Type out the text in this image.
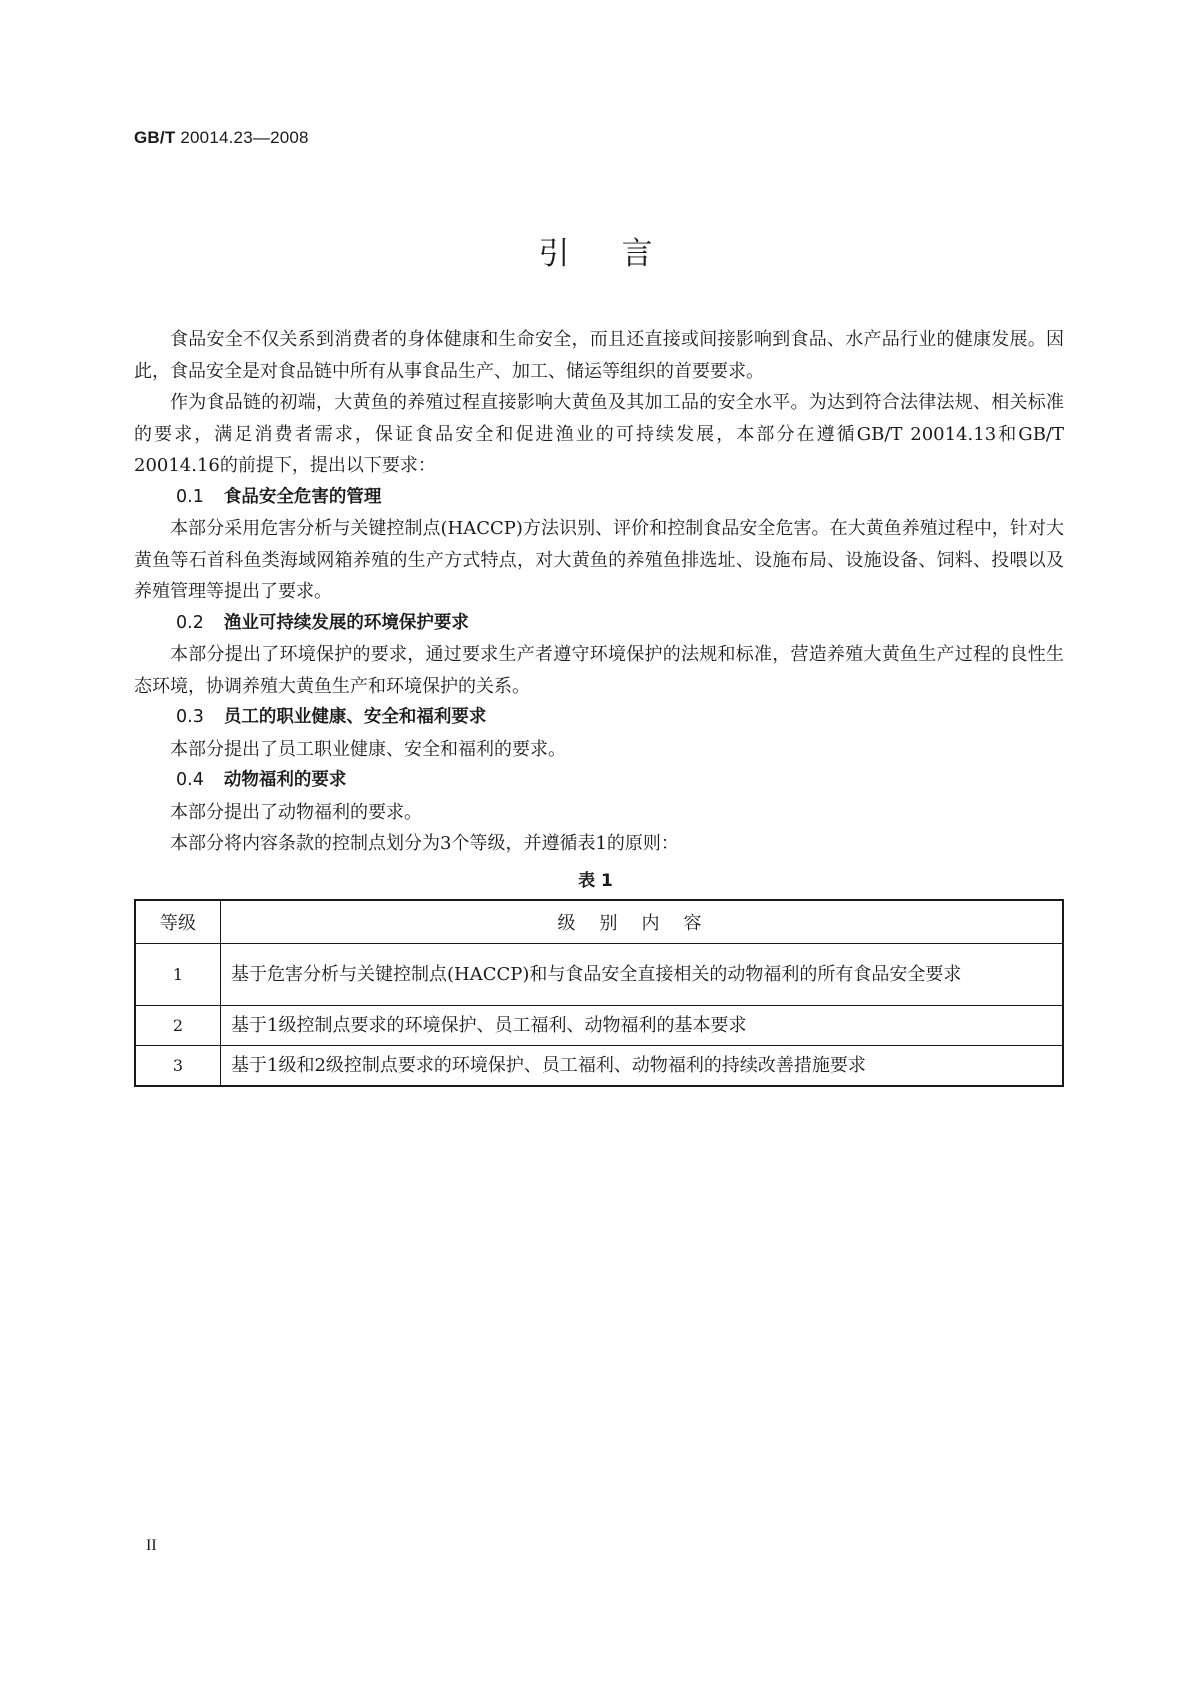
GB/T 20014.23—2008
引言

食品安全不仅关系到消费者的身体健康和生命安全，而且还直接或间接影响到食品、水产品行业的健康发展。因此，食品安全是对食品链中所有从事食品生产、加工、储运等组织的首要要求。

作为食品链的初端，大黄鱼的养殖过程直接影响大黄鱼及其加工品的安全水平。为达到符合法律法规、相关标准的要求，满足消费者需求，保证食品安全和促进渔业的可持续发展，本部分在遵循GB/T 20014.13和GB/T 20014.16的前提下，提出以下要求：

0.1 食品安全危害的管理

本部分采用危害分析与关键控制点(HACCP)方法识别、评价和控制食品安全危害。在大黄鱼养殖过程中，针对大黄鱼等石首科鱼类海域网箱养殖的生产方式特点，对大黄鱼的养殖鱼排选址、设施布局、设施设备、饲料、投喂以及养殖管理等提出了要求。

0.2 渔业可持续发展的环境保护要求

本部分提出了环境保护的要求，通过要求生产者遵守环境保护的法规和标准，营造养殖大黄鱼生产过程的良性生态环境，协调养殖大黄鱼生产和环境保护的关系。

0.3 员工的职业健康、安全和福利要求

本部分提出了员工职业健康、安全和福利的要求。

0.4 动物福利的要求

本部分提出了动物福利的要求。

本部分将内容条款的控制点划分为3个等级，并遵循表1的原则：

表 1
等级	级别内容
1	基于危害分析与关键控制点(HACCP)和与食品安全直接相关的动物福利的所有食品安全要求
2	基于1级控制点要求的环境保护、员工福利、动物福利的基本要求
3	基于1级和2级控制点要求的环境保护、员工福利、动物福利的持续改善措施要求
II
